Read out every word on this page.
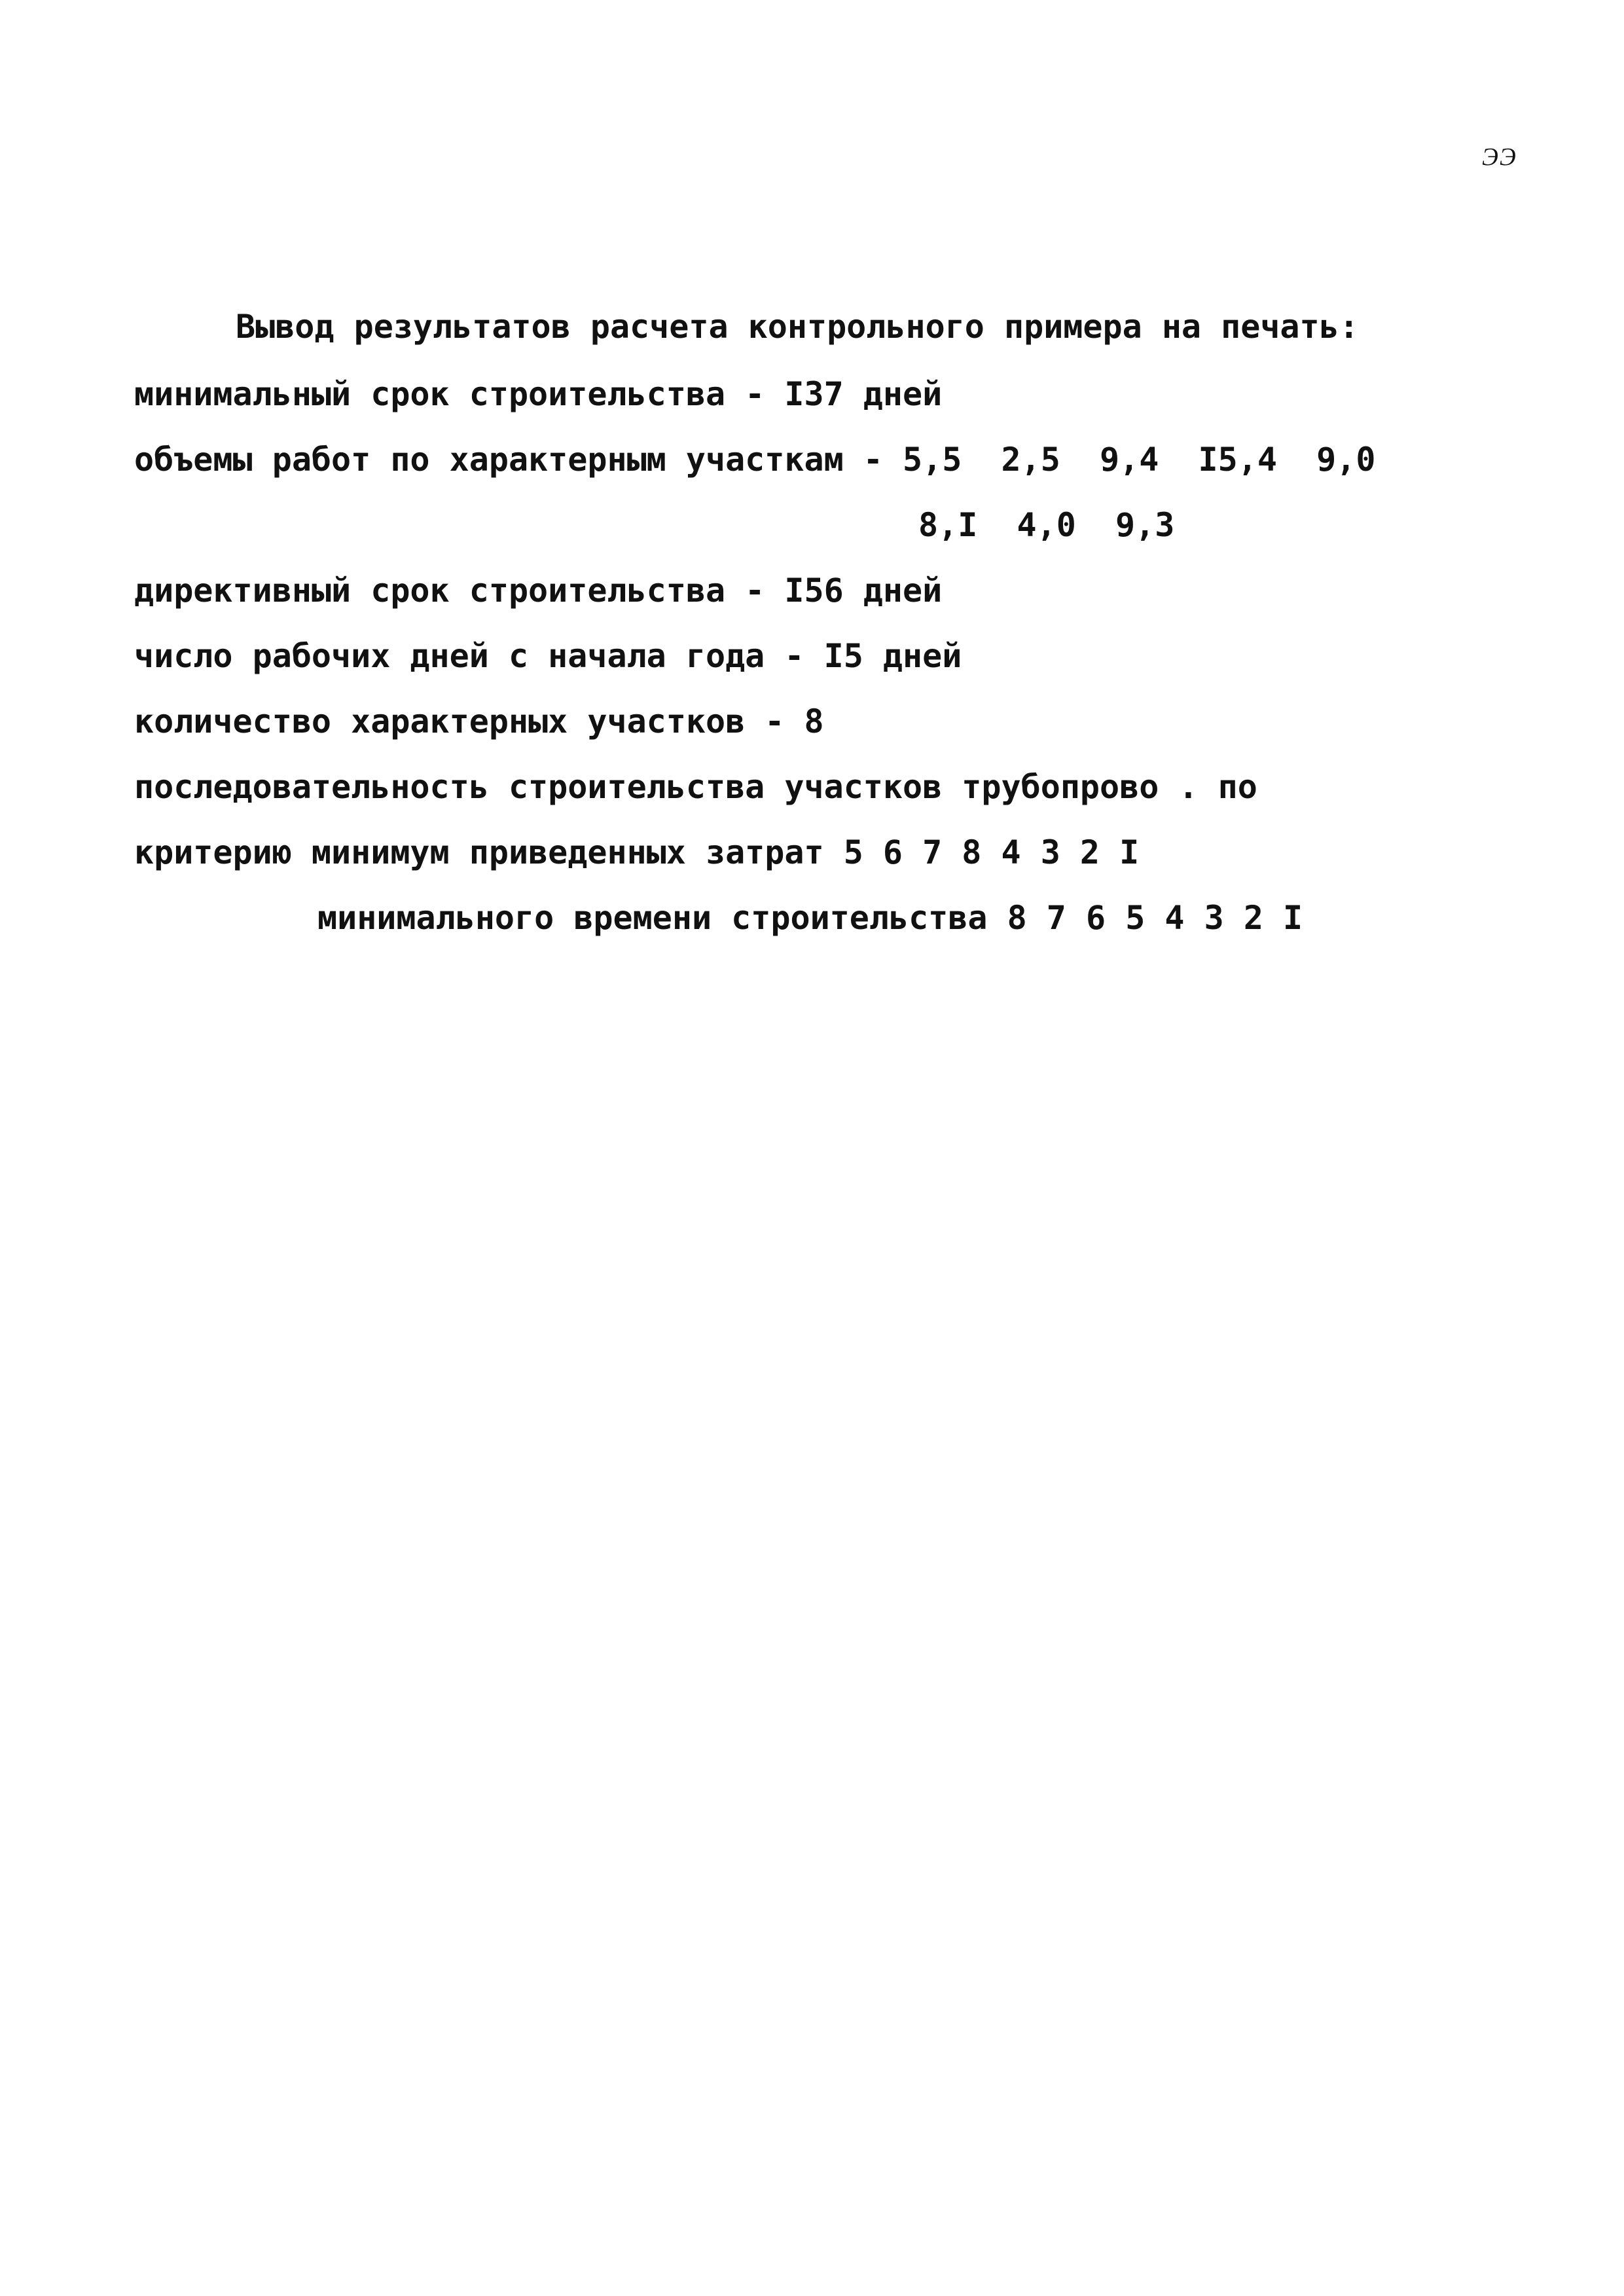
ЭЭ
Вывод результатов расчета контрольного примера на печать:
минимальный срок строительства - I37 дней
объемы работ по характерным участкам - 5,5  2,5  9,4  I5,4  9,0
8,I  4,0  9,3
директивный срок строительства - I56 дней
число рабочих дней с начала года - I5 дней
количество характерных участков - 8
последовательность строительства участков трубопрово . по
критерию минимум приведенных затрат 5 6 7 8 4 3 2 I
минимального времени строительства 8 7 6 5 4 3 2 I
